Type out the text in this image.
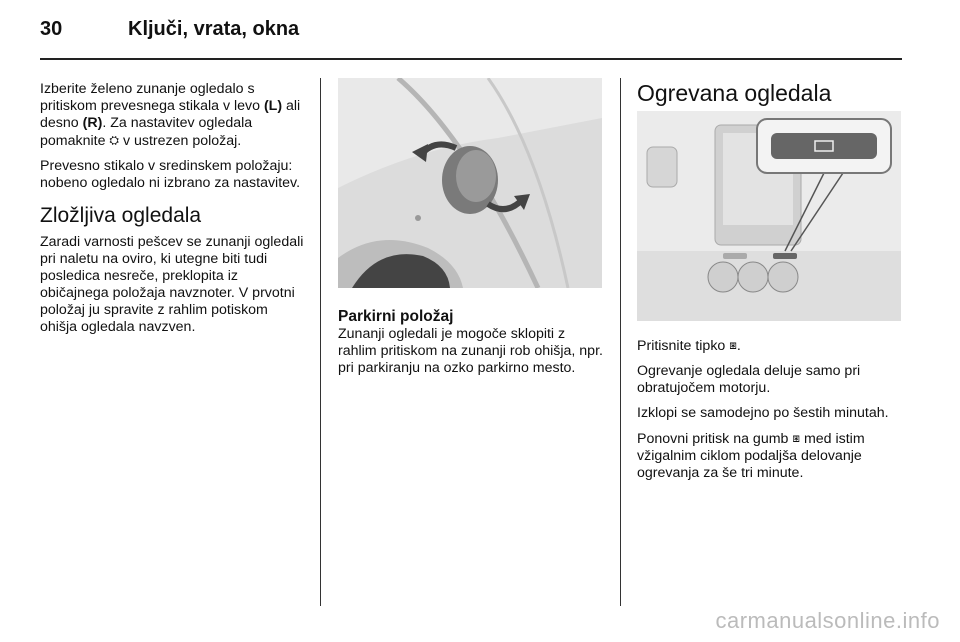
30	Ključi, vrata, okna

Izberite želeno zunanje ogledalo s pritiskom prevesnega stikala v levo (L) ali desno (R). Za nastavitev ogledala pomaknite ⛭ v ustrezen položaj.

Prevesno stikalo v sredinskem položaju: nobeno ogledalo ni izbrano za nastavitev.

Zložljiva ogledala

Zaradi varnosti pešcev se zunanji ogledali pri naletu na oviro, ki utegne biti tudi posledica nesreče, preklopita iz običajnega položaja navznoter. V prvotni položaj ju spravite z rahlim potiskom ohišja ogledala navzven.

Parkirni položaj

Zunanji ogledali je mogoče sklopiti z rahlim pritiskom na zunanji rob ohišja, npr. pri parkiranju na ozko parkirno mesto.

Ogrevana ogledala

Pritisnite tipko ⧆.

Ogrevanje ogledala deluje samo pri obratujočem motorju.

Izklopi se samodejno po šestih minutah.

Ponovni pritisk na gumb ⧆ med istim vžigalnim ciklom podaljša delovanje ogrevanja za še tri minute.

carmanualsonline.info
